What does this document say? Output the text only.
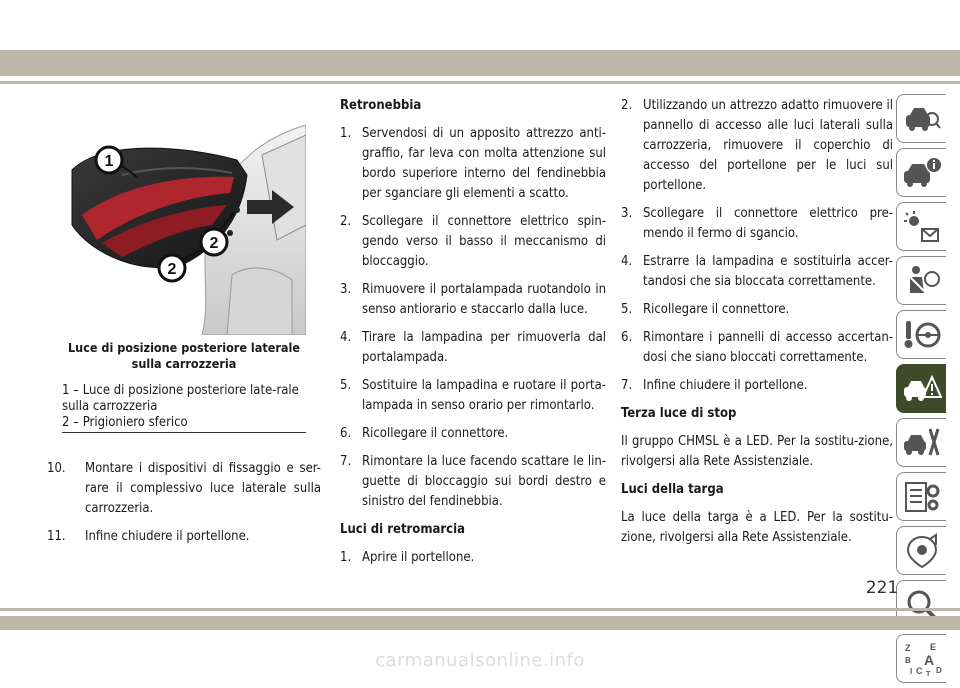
1
2
2
Luce di posizione posteriore laterale sulla carrozzeria
1 – Luce di posizione posteriore late-rale sulla carrozzeria
2 – Prigioniero sferico
10.	Montare i dispositivi di fissaggio e ser-rare il complessivo luce laterale sulla carrozzeria.
11.	Infine chiudere il portellone.
Retronebbia
1. Servendosi di un apposito attrezzo anti-graffio, far leva con molta attenzione sul bordo superiore interno del fendinebbia per sganciare gli elementi a scatto.
2. Scollegare il connettore elettrico spin-gendo verso il basso il meccanismo di bloccaggio.
3. Rimuovere il portalampada ruotandolo in senso antiorario e staccarlo dalla luce.
4. Tirare la lampadina per rimuoverla dal portalampada.
5. Sostituire la lampadina e ruotare il porta-lampada in senso orario per rimontarlo.
6. Ricollegare il connettore.
7. Rimontare la luce facendo scattare le lin-guette di bloccaggio sui bordi destro e sinistro del fendinebbia.
Luci di retromarcia
1. Aprire il portellone.
2. Utilizzando un attrezzo adatto rimuovere il pannello di accesso alle luci laterali sulla carrozzeria, rimuovere il coperchio di accesso del portellone per le luci sul portellone.
3. Scollegare il connettore elettrico pre-mendo il fermo di sgancio.
4. Estrarre la lampadina e sostituirla accer-tandosi che sia bloccata correttamente.
5. Ricollegare il connettore.
6. Rimontare i pannelli di accesso accertan-dosi che siano bloccati correttamente.
7. Infine chiudere il portellone.
Terza luce di stop
Il gruppo CHMSL è a LED. Per la sostitu-zione, rivolgersi alla Rete Assistenziale.
Luci della targa
La luce della targa è a LED. Per la sostitu-zione, rivolgersi alla Rete Assistenziale.
Z E
B A
C D
I T
221
carmanualsonline.info
